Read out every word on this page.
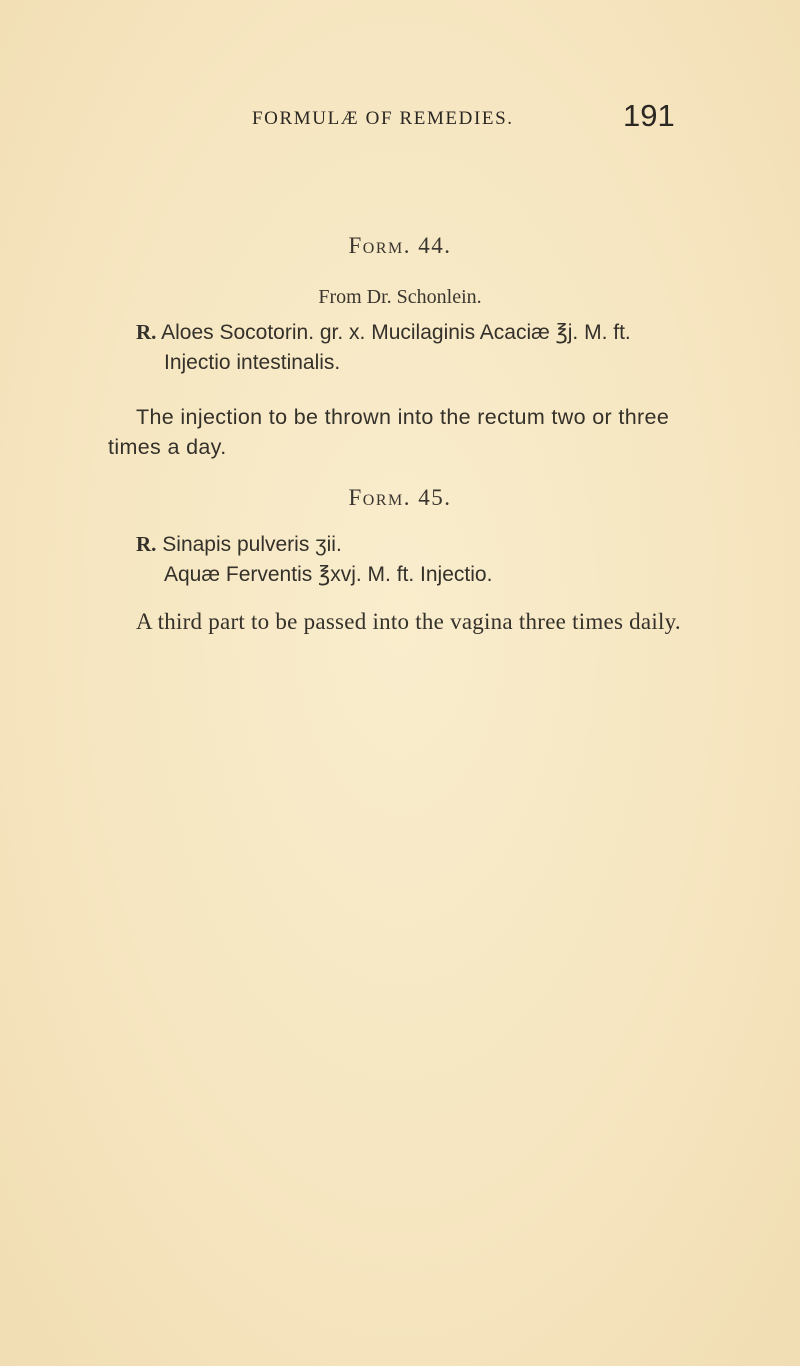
FORMULÆ OF REMEDIES.	191
Form. 44.
From Dr. Schonlein.
R. Aloes Socotorin. gr. x. Mucilaginis Acaciæ ℥j. M. ft.
Injectio intestinalis.
The injection to be thrown into the rectum two or three
times a day.
Form. 45.
R. Sinapis pulveris ʒii.
Aquæ Ferventis ℥xvj. M. ft. Injectio.
A third part to be passed into the vagina three times daily.
